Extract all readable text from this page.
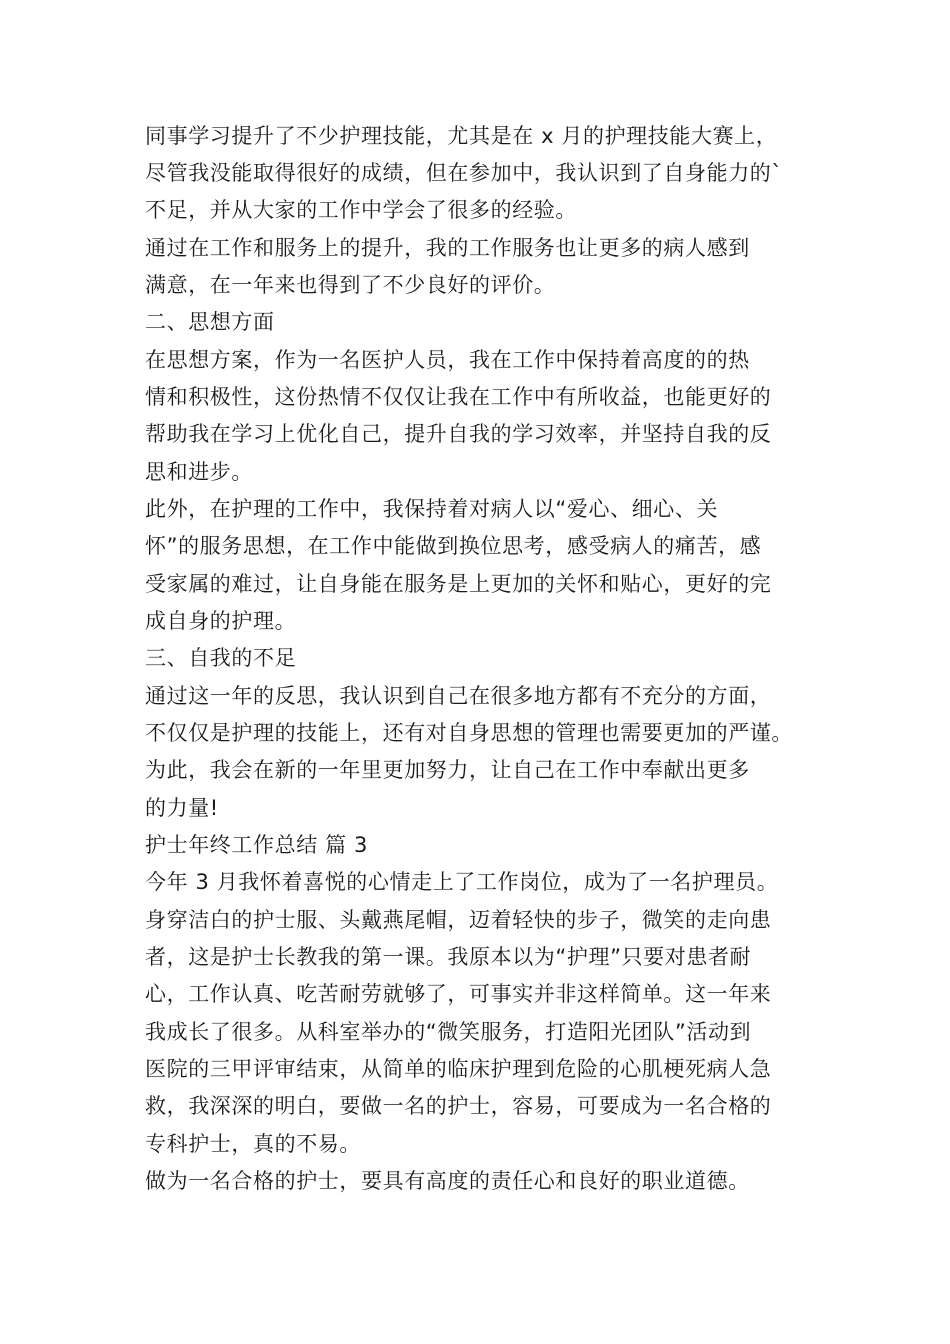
同事学习提升了不少护理技能，尤其是在 x 月的护理技能大赛上，
尽管我没能取得很好的成绩，但在参加中，我认识到了自身能力的`
不足，并从大家的工作中学会了很多的经验。
通过在工作和服务上的提升，我的工作服务也让更多的病人感到
满意，在一年来也得到了不少良好的评价。
二、思想方面
在思想方案，作为一名医护人员，我在工作中保持着高度的的热
情和积极性，这份热情不仅仅让我在工作中有所收益，也能更好的
帮助我在学习上优化自己，提升自我的学习效率，并坚持自我的反
思和进步。
此外，在护理的工作中，我保持着对病人以“爱心、细心、关
怀”的服务思想，在工作中能做到换位思考，感受病人的痛苦，感
受家属的难过，让自身能在服务是上更加的关怀和贴心，更好的完
成自身的护理。
三、自我的不足
通过这一年的反思，我认识到自己在很多地方都有不充分的方面，
不仅仅是护理的技能上，还有对自身思想的管理也需要更加的严谨。
为此，我会在新的一年里更加努力，让自己在工作中奉献出更多
的力量!
护士年终工作总结 篇 3
今年 3 月我怀着喜悦的心情走上了工作岗位，成为了一名护理员。
身穿洁白的护士服、头戴燕尾帽，迈着轻快的步子，微笑的走向患
者，这是护士长教我的第一课。我原本以为“护理”只要对患者耐
心，工作认真、吃苦耐劳就够了，可事实并非这样简单。这一年来
我成长了很多。从科室举办的“微笑服务，打造阳光团队”活动到
医院的三甲评审结束，从简单的临床护理到危险的心肌梗死病人急
救，我深深的明白，要做一名的护士，容易，可要成为一名合格的
专科护士，真的不易。
做为一名合格的护士，要具有高度的责任心和良好的职业道德。
